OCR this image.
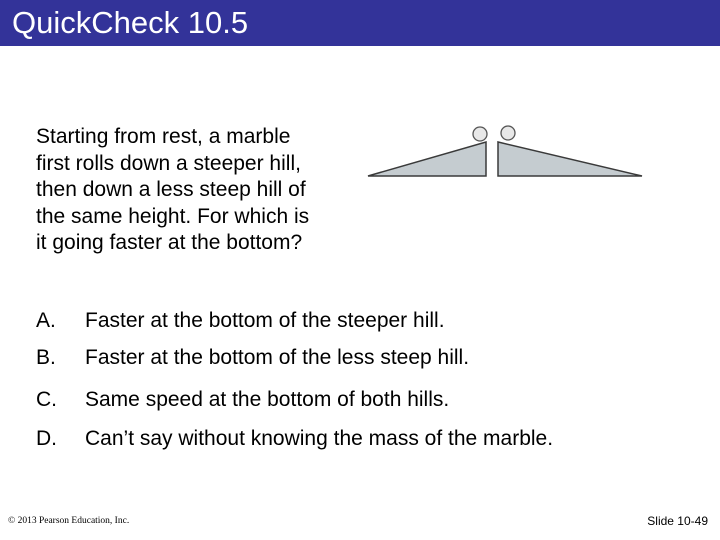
QuickCheck 10.5
Starting from rest, a marble
first rolls down a steeper hill,
then down a less steep hill of
the same height. For which is
it going faster at the bottom?
A. Faster at the bottom of the steeper hill.
B. Faster at the bottom of the less steep hill.
C. Same speed at the bottom of both hills.
D. Can’t say without knowing the mass of the marble.
© 2013 Pearson Education, Inc.	Slide 10-49
